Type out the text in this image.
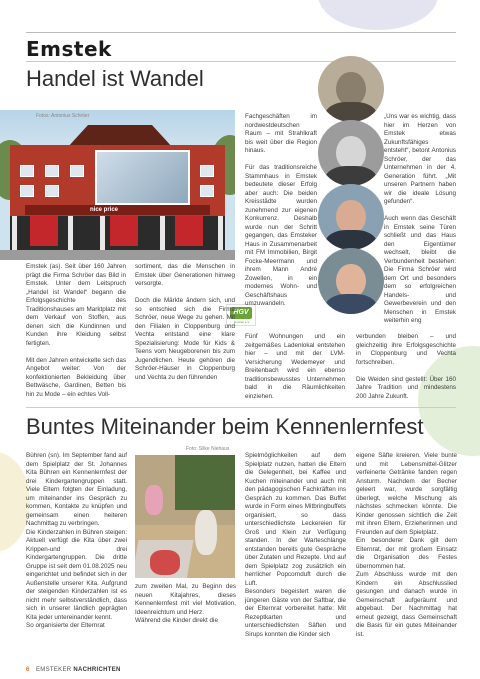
Emstek
Handel ist Wandel
nice price
Fotos: Antonius Schröer
HGV
Emstek e.V.
Emstek (as). Seit über 160 Jahren prägt die Firma Schröer das Bild in Emstek. Unter dem Leitspruch „Handel ist Wandel“ begann die Erfolgsgeschichte des Traditionshauses am Marktplatz mit dem Verkauf von Stoffen, aus denen sich die Kundinnen und Kunden ihre Kleidung selbst fertigten.

Mit den Jahren entwickelte sich das Angebot weiter: Von der konfektionierten Bekleidung über Bettwäsche, Gardinen, Betten bis hin zu Mode – ein echtes Voll-
sortiment, das die Menschen in Emstek über Generationen hinweg versorgte.

Doch die Märkte ändern sich, und so entschied sich die Firma Schröer, neue Wege zu gehen. Mit den Filialen in Cloppenburg und Vechta entstand eine klare Spezialisierung: Mode für Kids & Teens vom Neugeborenen bis zum Jugendlichen. Heute gehören die Schröer-Häuser in Cloppenburg und Vechta zu den führenden
Fachgeschäften im nordwestdeutschen Raum – mit Strahlkraft bis weit über die Region hinaus.

Für das traditionsreiche Stammhaus in Emstek bedeutete dieser Erfolg aber auch: Die beiden Kreisstädte wurden zunehmend zur eigenen Konkurrenz. Deshalb wurde nun der Schritt gegangen, das Emsteker Haus in Zusammenarbeit mit FM Immobilien, Birgit Focke-Meermann und ihrem Mann André Zowellen, in ein modernes Wohn- und Geschäftshaus umzuwandeln.
Fünf Wohnungen und ein zeitgemäßes Ladenlokal entstehen hier – und mit der LVM-Versicherung Wedemeyer und Breitenbach wird ein ebenso traditionsbewusstes Unternehmen bald in die Räumlichkeiten einziehen.
„Uns war es wichtig, dass hier im Herzen von Emstek etwas Zukunftsfähiges entsteht“, betont Antonius Schröer, der das Unternehmen in der 4. Generation führt. „Mit unseren Partnern haben wir die ideale Lösung gefunden“.

Auch wenn das Geschäft in Emstek seine Türen schließt und das Haus den Eigentümer wechselt, bleibt die Verbundenheit bestehen: Die Firma Schröer wird dem Ort und besonders dem so erfolgreichen Handels- und Gewerbeverein und den Menschen in Emstek weiterhin eng
verbunden bleiben – und gleichzeitig ihre Erfolgsgeschichte in Cloppenburg und Vechta fortschreiben.

Die Weiden sind gestellt: Über 160 Jahre Tradition und mindestens 200 Jahre Zukunft.
Buntes Miteinander beim Kennenlernfest
Foto: Silke Niehaus
Bühren (sn). Im September fand auf dem Spielplatz der St. Johannes Kita Bühren ein Kennenlernfest der drei Kindergartengruppen statt. Viele Eltern folgten der Einladung, um miteinander ins Gespräch zu kommen, Kontakte zu knüpfen und gemeinsam einen heiteren Nachmittag zu verbringen.
Die Kinderzahlen in Bühren steigen: Aktuell verfügt die Kita über zwei Krippen-und drei Kindergartengruppen. Die dritte Gruppe ist seit dem 01.08.2025 neu eingerichtet und befindet sich in der Außenstelle unserer Kita. Aufgrund der steigenden Kinderzahlen ist es nicht mehr selbstverständlich, dass sich in unserer ländlich geprägten Kita jeder untereinander kennt.
So organisierte der Elternrat
zum zweiten Mal, zu Beginn des neuen Kitajahres, dieses Kennenlernfest mit viel Motivation, Ideenreichtum und Herz.
Während die Kinder direkt die
Spielmöglichkeiten auf dem Spielplatz nutzen, hatten die Eltern die Gelegenheit, bei Kaffee und Kuchen miteinander und auch mit den pädagogischen Fachkräften ins Gespräch zu kommen. Das Buffet wurde in Form eines Mitbringbuffets organisiert, so dass unterschiedlichste Leckereien für Groß und Klein zur Verfügung standen. In der Warteschlange entstanden bereits gute Gespräche über Zutaten und Rezepte. Und auf dem Spielplatz zog zusätzlich ein herrlicher Popcornduft durch die Luft.
Besonders begeistert waren die jüngeren Gäste von der Saftbar, die der Elternrat vorbereitet hatte: Mit Rezeptkarten und unterschiedlichsten Säften und Sirups konnten die Kinder sich
eigene Säfte kreieren. Viele bunte und mit Lebensmittel-Glitzer verfeinerte Getränke fanden regen Ansturm. Nachdem der Becher geleert war, wurde sorgfältig überlegt, welche Mischung als nächstes schmecken könnte. Die Kinder genossen sichtlich die Zeit mit ihren Eltern, Erzieherinnen und Freunden auf dem Spielplatz.
Ein besonderer Dank gilt dem Elternrat, der mit großem Einsatz die Organisation des Festes übernommen hat.
Zum Abschluss wurde mit den Kindern ein Abschlusslied gesungen und danach wurde in Gemeinschaft aufgeräumt und abgebaut. Der Nachmittag hat erneut gezeigt, dass Gemeinschaft die Basis für ein gutes Miteinander ist.
6 EMSTEKER NACHRICHTEN
